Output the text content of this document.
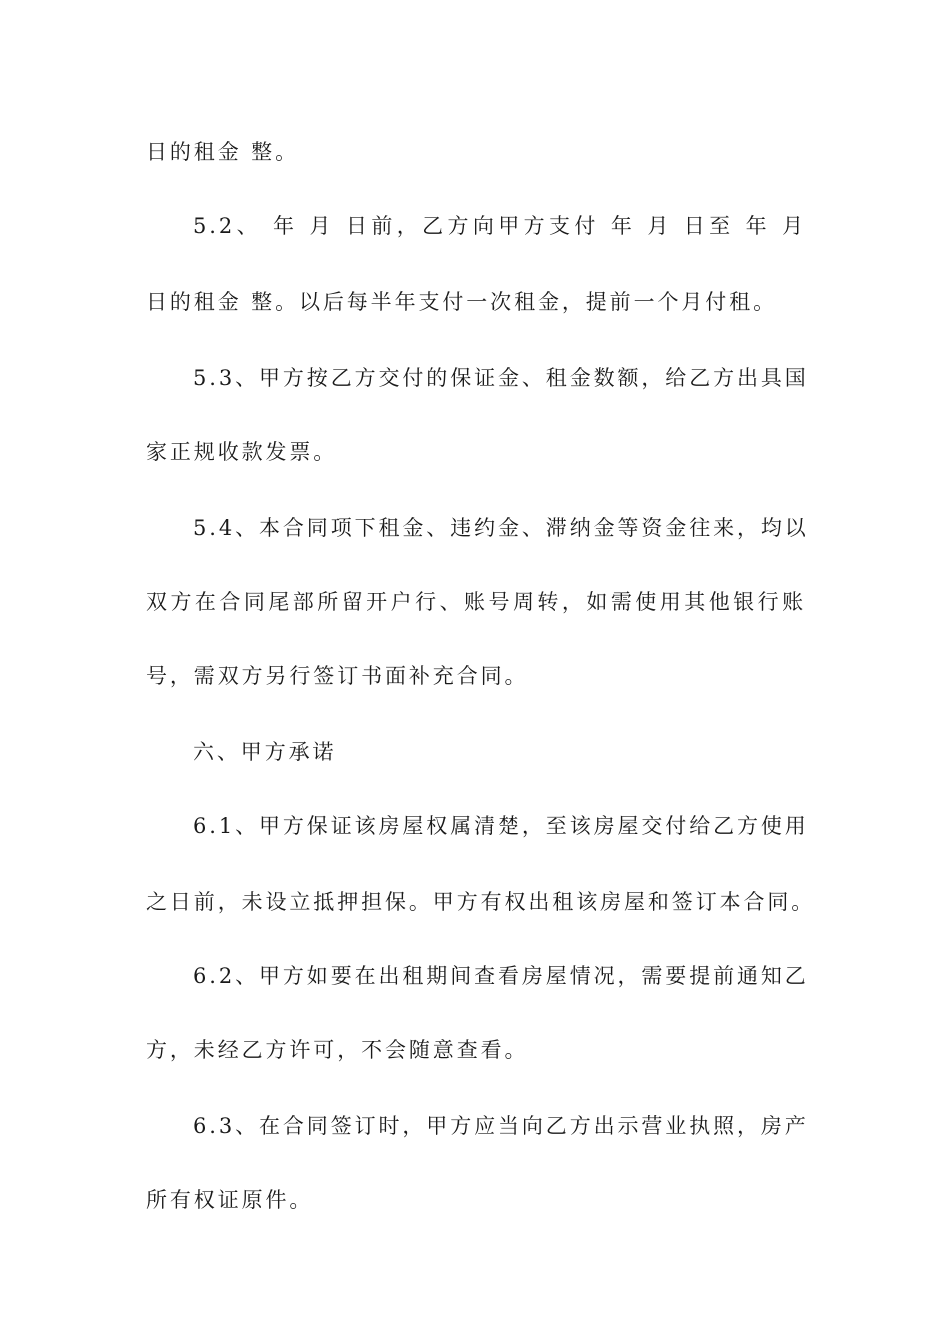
日的租金 整。
5.2、 年 月 日前，乙方向甲方支付 年 月 日至 年 月
日的租金 整。以后每半年支付一次租金，提前一个月付租。
5.3、甲方按乙方交付的保证金、租金数额，给乙方出具国
家正规收款发票。
5.4、本合同项下租金、违约金、滞纳金等资金往来，均以
双方在合同尾部所留开户行、账号周转，如需使用其他银行账
号，需双方另行签订书面补充合同。
六、甲方承诺
6.1、甲方保证该房屋权属清楚，至该房屋交付给乙方使用
之日前，未设立抵押担保。甲方有权出租该房屋和签订本合同。
6.2、甲方如要在出租期间查看房屋情况，需要提前通知乙
方，未经乙方许可，不会随意查看。
6.3、在合同签订时，甲方应当向乙方出示营业执照，房产
所有权证原件。
